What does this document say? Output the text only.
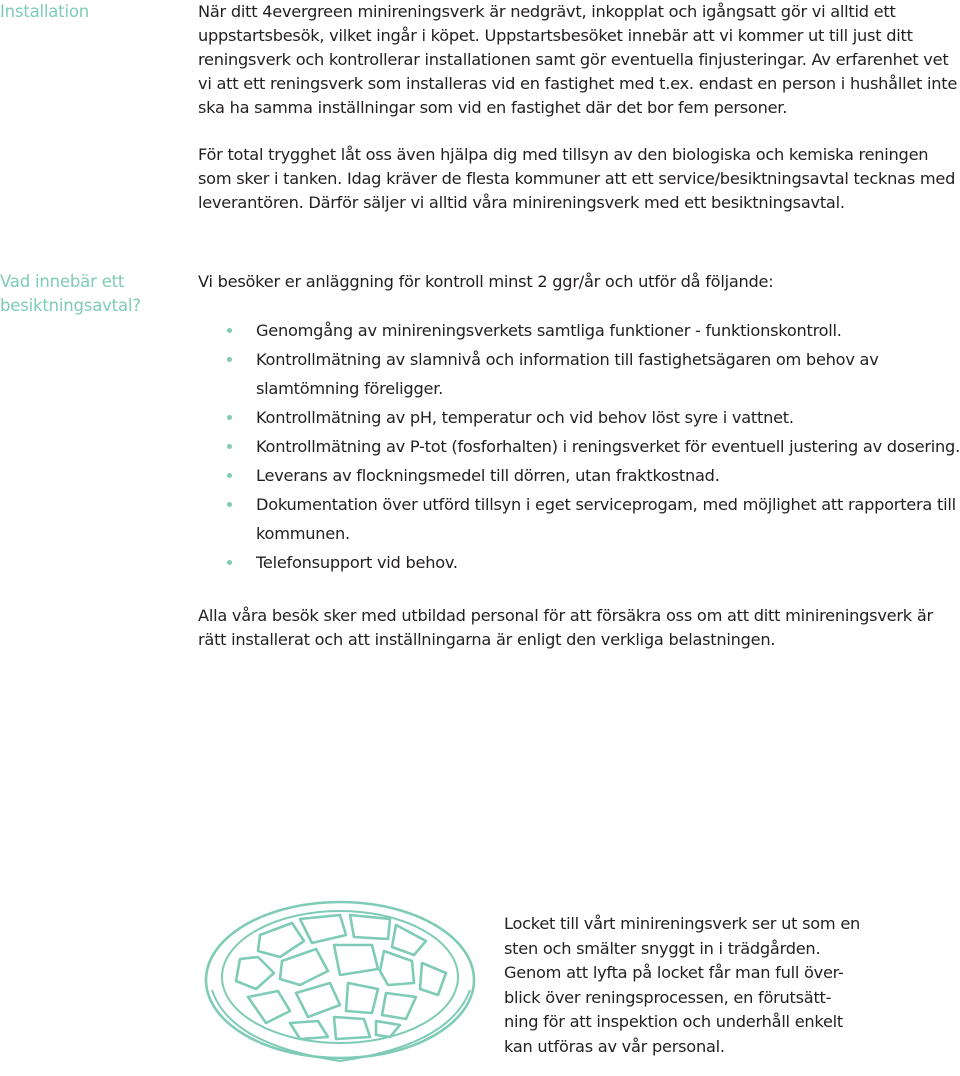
Installation	När ditt 4evergreen minireningsverk är nedgrävt, inkopplat och igångsatt gör vi alltid ett uppstartsbesök, vilket ingår i köpet. Uppstartsbesöket innebär att vi kommer ut till just ditt reningsverk och kontrollerar installationen samt gör eventuella finjusteringar. Av erfarenhet vet vi att ett reningsverk som installeras vid en fastighet med t.ex. endast en person i hushållet inte ska ha samma inställningar som vid en fastighet där det bor fem personer.

För total trygghet låt oss även hjälpa dig med tillsyn av den biologiska och kemiska reningen som sker i tanken. Idag kräver de flesta kommuner att ett service/besiktningsavtal tecknas med leverantören. Därför säljer vi alltid våra minireningsverk med ett besiktningsavtal.

Vad innebär ett
besiktningsavtal?

Vi besöker er anläggning för kontroll minst 2 ggr/år och utför då följande:

Genomgång av minireningsverkets samtliga funktioner - funktionskontroll.
Kontrollmätning av slamnivå och information till fastighetsägaren om behov av slamtömning föreligger.
Kontrollmätning av pH, temperatur och vid behov löst syre i vattnet.
Kontrollmätning av P-tot (fosforhalten) i reningsverket för eventuell justering av dosering.
Leverans av flockningsmedel till dörren, utan fraktkostnad.
Dokumentation över utförd tillsyn i eget serviceprogam, med möjlighet att rapportera till kommunen.
Telefonsupport vid behov.

Alla våra besök sker med utbildad personal för att försäkra oss om att ditt minireningsverk är rätt installerat och att inställningarna är enligt den verkliga belastningen.

Locket till vårt minireningsverk ser ut som en
sten och smälter snyggt in i trädgården.
Genom att lyfta på locket får man full över-
blick över reningsprocessen, en förutsätt-
ning för att inspektion och underhåll enkelt
kan utföras av vår personal.
